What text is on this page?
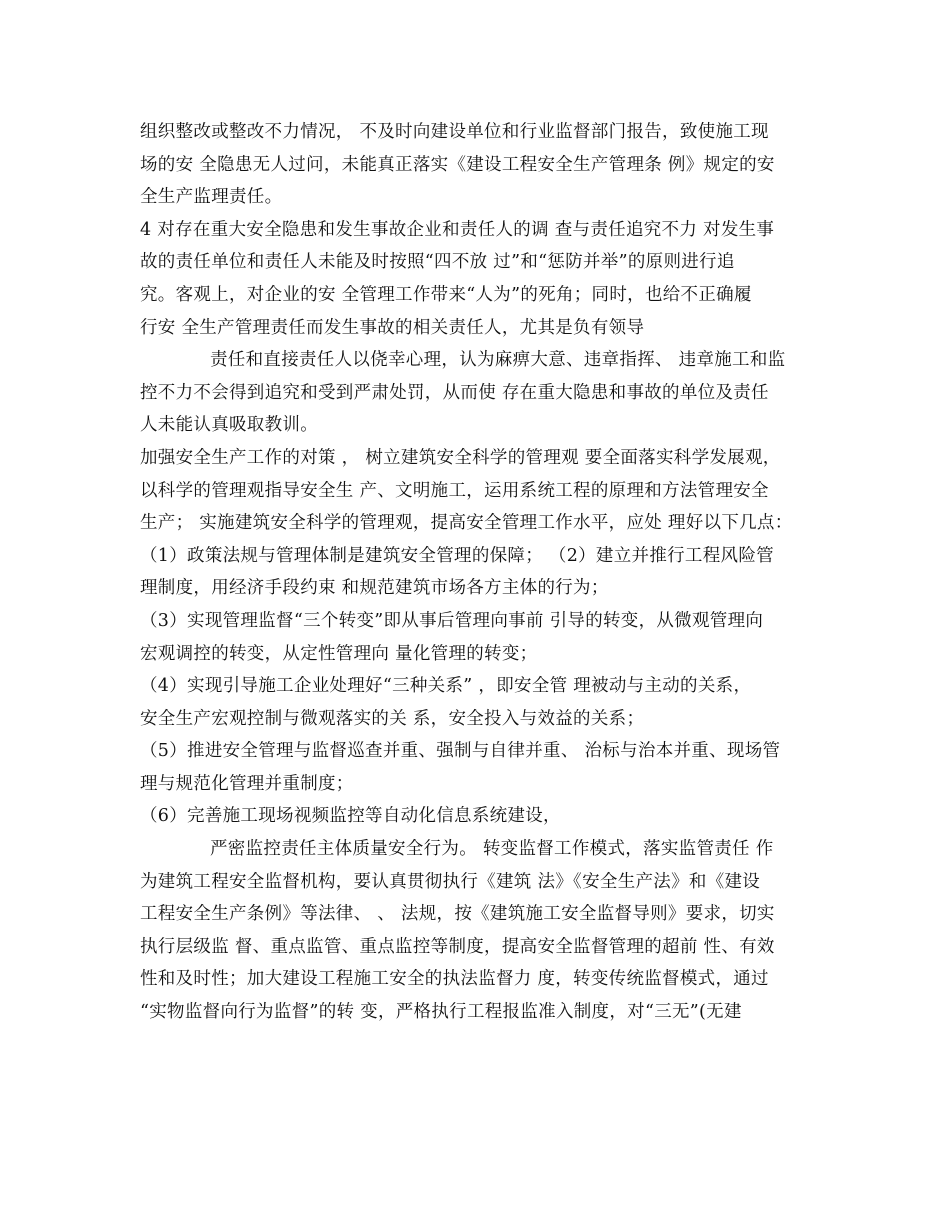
组织整改或整改不力情况， 不及时向建设单位和行业监督部门报告，致使施工现
场的安 全隐患无人过问，未能真正落实《建设工程安全生产管理条 例》规定的安
全生产监理责任。
4 对存在重大安全隐患和发生事故企业和责任人的调 查与责任追究不力 对发生事
故的责任单位和责任人未能及时按照“四不放 过”和“惩防并举”的原则进行追
究。客观上，对企业的安 全管理工作带来“人为”的死角；同时，也给不正确履
行安 全生产管理责任而发生事故的相关责任人，尤其是负有领导
责任和直接责任人以侥幸心理，认为麻痹大意、违章指挥、 违章施工和监
控不力不会得到追究和受到严肃处罚，从而使 存在重大隐患和事故的单位及责任
人未能认真吸取教训。
加强安全生产工作的对策 ， 树立建筑安全科学的管理观 要全面落实科学发展观，
以科学的管理观指导安全生 产、文明施工，运用系统工程的原理和方法管理安全
生产； 实施建筑安全科学的管理观，提高安全管理工作水平，应处 理好以下几点：
（1）政策法规与管理体制是建筑安全管理的保障； （2）建立并推行工程风险管
理制度，用经济手段约束 和规范建筑市场各方主体的行为；
（3）实现管理监督“三个转变”即从事后管理向事前 引导的转变，从微观管理向
宏观调控的转变，从定性管理向 量化管理的转变；
（4）实现引导施工企业处理好“三种关系” ，即安全管 理被动与主动的关系，
安全生产宏观控制与微观落实的关 系，安全投入与效益的关系；
（5）推进安全管理与监督巡查并重、强制与自律并重、 治标与治本并重、现场管
理与规范化管理并重制度；
（6）完善施工现场视频监控等自动化信息系统建设，
严密监控责任主体质量安全行为。 转变监督工作模式，落实监管责任 作
为建筑工程安全监督机构，要认真贯彻执行《建筑 法》《安全生产法》和《建设
工程安全生产条例》等法律、 、 法规，按《建筑施工安全监督导则》要求，切实
执行层级监 督、重点监管、重点监控等制度，提高安全监督管理的超前 性、有效
性和及时性；加大建设工程施工安全的执法监督力 度，转变传统监督模式，通过
“实物监督向行为监督”的转 变，严格执行工程报监准入制度，对“三无”(无建
